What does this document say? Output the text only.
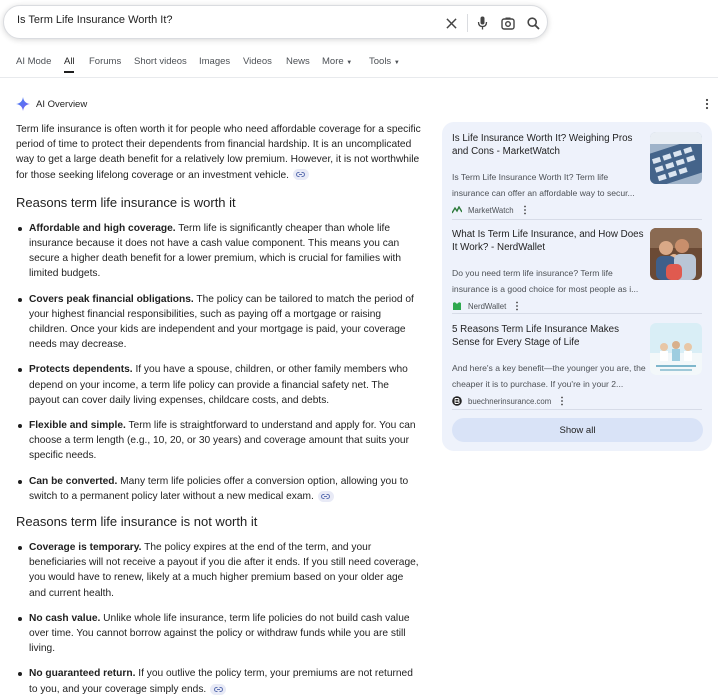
Is Term Life Insurance Worth It?
AI Mode All Forums Short videos Images Videos News More ▼ Tools ▼
AI Overview

Term life insurance is often worth it for people who need affordable coverage for a specific period of time to protect their dependents from financial hardship. It is an uncomplicated way to get a large death benefit for a relatively low premium. However, it is not worthwhile for those seeking lifelong coverage or an investment vehicle.

Reasons term life insurance is worth it
Affordable and high coverage. Term life is significantly cheaper than whole life insurance because it does not have a cash value component. This means you can secure a higher death benefit for a lower premium, which is crucial for families with limited budgets.
Covers peak financial obligations. The policy can be tailored to match the period of your highest financial responsibilities, such as paying off a mortgage or raising children. Once your kids are independent and your mortgage is paid, your coverage needs may decrease.
Protects dependents. If you have a spouse, children, or other family members who depend on your income, a term life policy can provide a financial safety net. The payout can cover daily living expenses, childcare costs, and debts.
Flexible and simple. Term life is straightforward to understand and apply for. You can choose a term length (e.g., 10, 20, or 30 years) and coverage amount that suits your specific needs.
Can be converted. Many term life policies offer a conversion option, allowing you to switch to a permanent policy later without a new medical exam.
Reasons term life insurance is not worth it
Coverage is temporary. The policy expires at the end of the term, and your beneficiaries will not receive a payout if you die after it ends. If you still need coverage, you would have to renew, likely at a much higher premium based on your older age and current health.
No cash value. Unlike whole life insurance, term life policies do not build cash value over time. You cannot borrow against the policy or withdraw funds while you are still living.
No guaranteed return. If you outlive the policy term, your premiums are not returned to you, and your coverage simply ends.
Is Life Insurance Worth It? Weighing Pros and Cons - MarketWatch
Is Term Life Insurance Worth It? Term life insurance can offer an affordable way to secur...
MarketWatch
What Is Term Life Insurance, and How Does It Work? - NerdWallet
Do you need term life insurance? Term life insurance is a good choice for most people as i...
NerdWallet
5 Reasons Term Life Insurance Makes Sense for Every Stage of Life
And here's a key benefit—the younger you are, the cheaper it is to purchase. If you're in your 2...
buechnerinsurance.com
Show all
